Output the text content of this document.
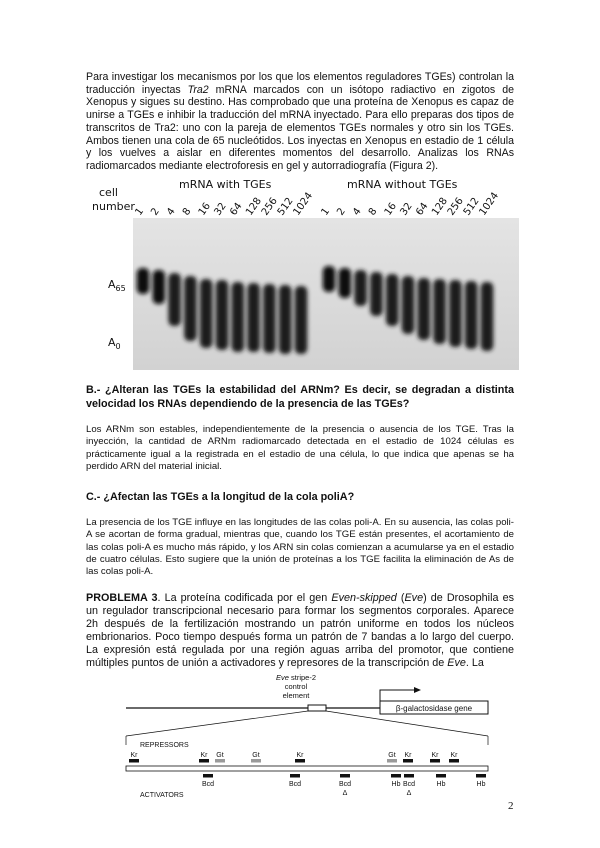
Para investigar los mecanismos por los que los elementos reguladores TGEs) controlan la traducción inyectas Tra2 mRNA marcados con un isótopo radiactivo en zigotos de Xenopus y sigues su destino. Has comprobado que una proteína de Xenopus es capaz de unirse a TGEs e inhibir la traducción del mRNA inyectado. Para ello preparas dos tipos de transcritos de Tra2: uno con la pareja de elementos TGEs normales y otro sin los TGEs. Ambos tienen una cola de 65 nucleótidos. Los inyectas en Xenopus en estadio de 1 célula y los vuelves a aislar en diferentes momentos del desarrollo. Analizas los RNAs radiomarcados mediante electroforesis en gel y autorradiografía (Figura 2).

mRNA with TGEs	mRNA without TGEs
cell
number
1 2 4 8 16 32 64 128
256
512
1024 1 2 4 8 16 32 64 128
256
512
1024
$A_{65}$
$A_0$

B.- ¿Alteran las TGEs la estabilidad del ARNm? Es decir, se degradan a distinta velocidad los RNAs dependiendo de la presencia de las TGEs?

Los ARNm son estables, independientemente de la presencia o ausencia de los TGE. Tras la inyección, la cantidad de ARNm radiomarcado detectada en el estadio de 1024 células es prácticamente igual a la registrada en el estadio de una célula, lo que indica que apenas se ha perdido ARN del material inicial.

C.- ¿Afectan las TGEs a la longitud de la cola poliA?

La presencia de los TGE influye en las longitudes de las colas poli-A. En su ausencia, las colas poli-A se acortan de forma gradual, mientras que, cuando los TGE están presentes, el acortamiento de las colas poli-A es mucho más rápido, y los ARN sin colas comienzan a acumularse ya en el estadio de cuatro células. Esto sugiere que la unión de proteínas a los TGE facilita la eliminación de As de las colas poli-A.

PROBLEMA 3. La proteína codificada por el gen Even-skipped (Eve) de Drosophila es un regulador transcripcional necesario para formar los segmentos corporales. Aparece 2h después de la fertilización mostrando un patrón uniforme en todos los núcleos embrionarios. Poco tiempo después forma un patrón de 7 bandas a lo largo del cuerpo. La expresión está regulada por una región aguas arriba del promotor, que contiene múltiples puntos de unión a activadores y represores de la transcripción de Eve. La

Eve stripe-2
control
element
β-galactosidase gene
REPRESSORS
Kr	Kr Gt	Gt	Kr	Gt Kr	Kr Kr
Bcd	Bcd	Bcd
Δ
Hb Bcd
Δ
Hb	Hb
ACTIVATORS
2
